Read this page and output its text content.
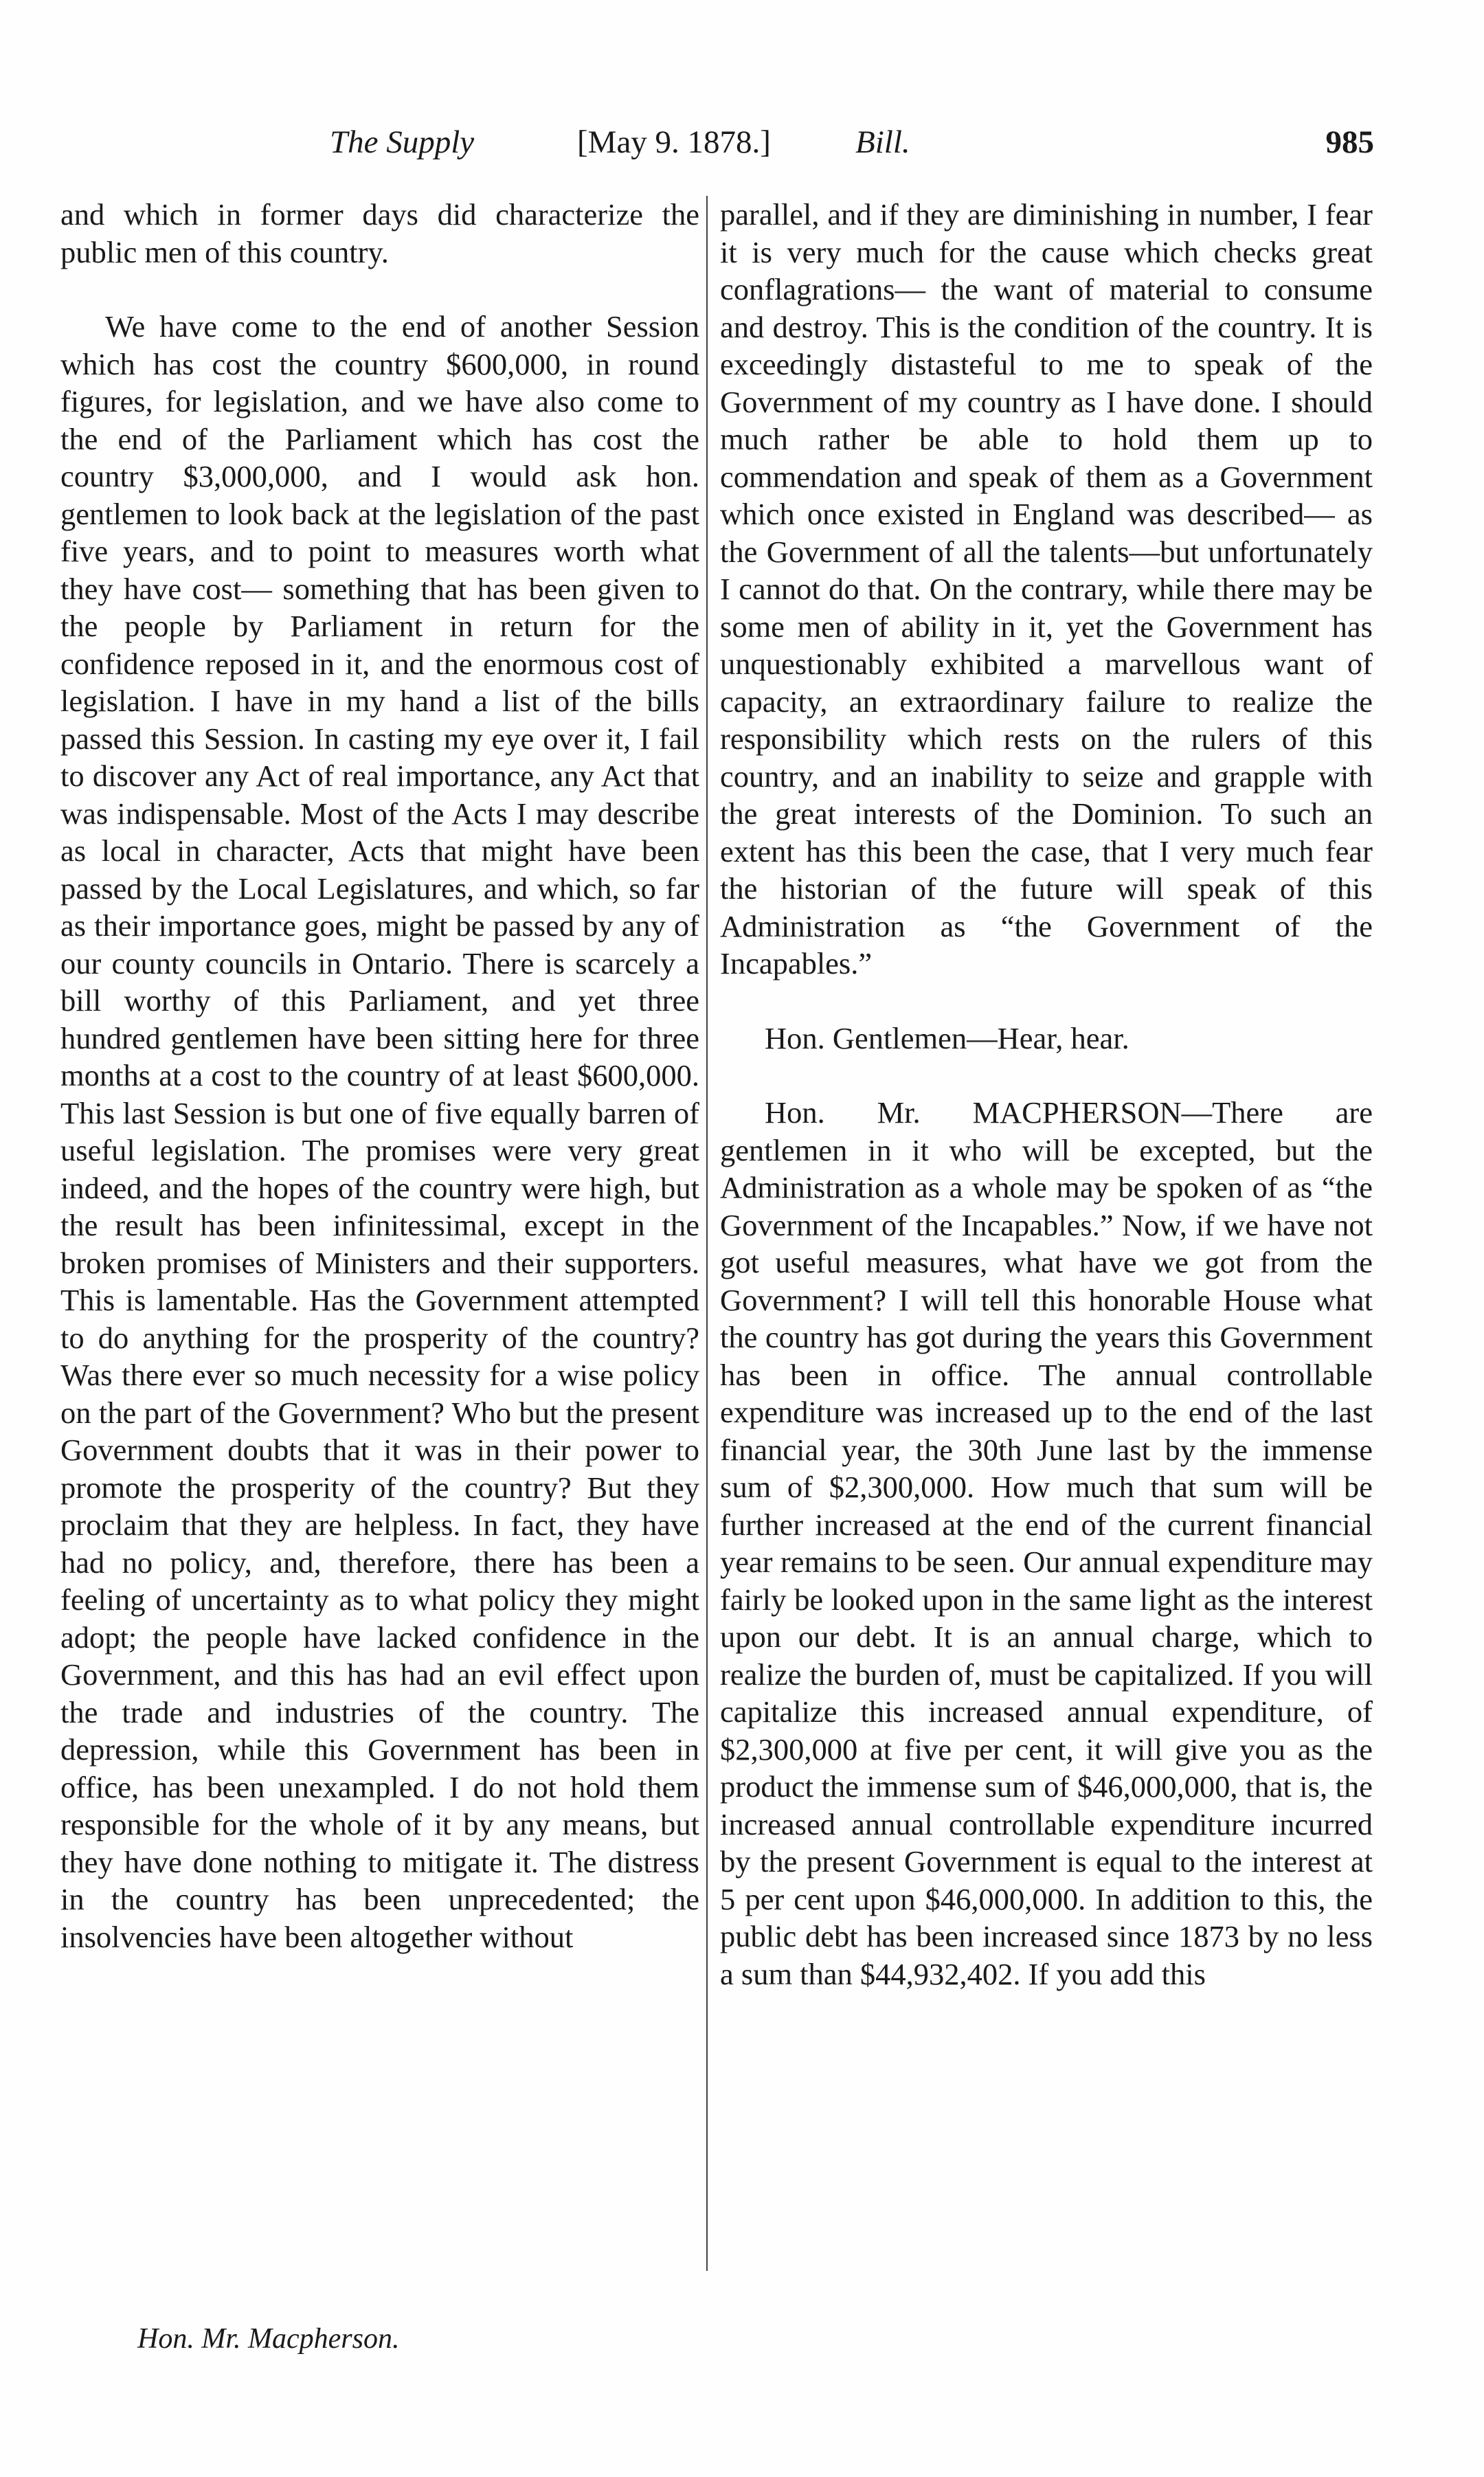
The Supply	[May 9. 1878.]	Bill.	985

and which in former days did characterize the public men of this country.

We have come to the end of another Session which has cost the country $600,000, in round figures, for legislation, and we have also come to the end of the Parliament which has cost the country $3,000,000, and I would ask hon. gentlemen to look back at the legislation of the past five years, and to point to measures worth what they have cost— something that has been given to the people by Parliament in return for the confidence reposed in it, and the enormous cost of legislation. I have in my hand a list of the bills passed this Session. In casting my eye over it, I fail to discover any Act of real importance, any Act that was indispensable. Most of the Acts I may describe as local in character, Acts that might have been passed by the Local Legislatures, and which, so far as their importance goes, might be passed by any of our county councils in Ontario. There is scarcely a bill worthy of this Parliament, and yet three hundred gentlemen have been sitting here for three months at a cost to the country of at least $600,000. This last Session is but one of five equally barren of useful legislation. The promises were very great indeed, and the hopes of the country were high, but the result has been infinitessimal, except in the broken promises of Ministers and their supporters. This is lamentable. Has the Government attempted to do anything for the prosperity of the country? Was there ever so much necessity for a wise policy on the part of the Government? Who but the present Government doubts that it was in their power to promote the prosperity of the country? But they proclaim that they are helpless. In fact, they have had no policy, and, therefore, there has been a feeling of uncertainty as to what policy they might adopt; the people have lacked confidence in the Government, and this has had an evil effect upon the trade and industries of the country. The depression, while this Government has been in office, has been unexampled. I do not hold them responsible for the whole of it by any means, but they have done nothing to mitigate it. The distress in the country has been unprecedented; the insolvencies have been altogether without

parallel, and if they are diminishing in number, I fear it is very much for the cause which checks great conflagrations— the want of material to consume and destroy. This is the condition of the country. It is exceedingly distasteful to me to speak of the Government of my country as I have done. I should much rather be able to hold them up to commendation and speak of them as a Government which once existed in England was described— as the Government of all the talents—but unfortunately I cannot do that. On the contrary, while there may be some men of ability in it, yet the Government has unquestionably exhibited a marvellous want of capacity, an extraordinary failure to realize the responsibility which rests on the rulers of this country, and an inability to seize and grapple with the great interests of the Dominion. To such an extent has this been the case, that I very much fear the historian of the future will speak of this Administration as “the Government of the Incapables.”

Hon. Gentlemen—Hear, hear.

Hon. Mr. MACPHERSON—There are gentlemen in it who will be excepted, but the Administration as a whole may be spoken of as “the Government of the Incapables.” Now, if we have not got useful measures, what have we got from the Government? I will tell this honorable House what the country has got during the years this Government has been in office. The annual controllable expenditure was increased up to the end of the last financial year, the 30th June last by the immense sum of $2,300,000. How much that sum will be further increased at the end of the current financial year remains to be seen. Our annual expenditure may fairly be looked upon in the same light as the interest upon our debt. It is an annual charge, which to realize the burden of, must be capitalized. If you will capitalize this increased annual expenditure, of $2,300,000 at five per cent, it will give you as the product the immense sum of $46,000,000, that is, the increased annual controllable expenditure incurred by the present Government is equal to the interest at 5 per cent upon $46,000,000. In addition to this, the public debt has been increased since 1873 by no less a sum than $44,932,402. If you add this

Hon. Mr. Macpherson.
